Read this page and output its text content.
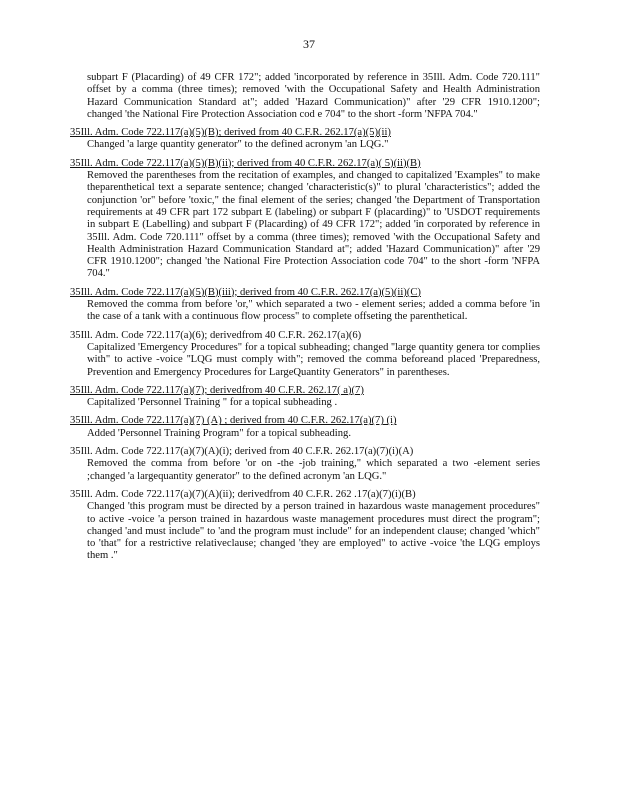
37

subpart F (Placarding) of 49 CFR 172"; added 'incorporated by reference in 35Ill. Adm. Code 720.111" offset by a comma (three times); removed 'with the Occupational Safety and Health Administration Hazard Communication Standard at"; added 'Hazard Communication)" after '29 CFR 1910.1200"; changed 'the National Fire Protection Association cod e 704" to the short -form 'NFPA 704."

35Ill. Adm. Code 722.117(a)(5)(B); derived from 40 C.F.R. 262.17(a)(5)(ii)

Changed 'a large quantity generator" to the defined acronym 'an LQG."

35Ill. Adm. Code 722.117(a)(5)(B)(ii); derived from 40 C.F.R. 262.17(a)( 5)(ii)(B)

Removed the parentheses from the recitation of examples, and changed to capitalized 'Examples" to make theparenthetical text a separate sentence; changed 'characteristic(s)" to plural 'characteristics"; added the conjunction 'or" before 'toxic," the final element of the series; changed 'the Department of Transportation requirements at 49 CFR part 172 subpart E (labeling) or subpart F (placarding)" to 'USDOT requirements in subpart E (Labelling) and subpart F (Placarding) of 49 CFR 172"; added 'in corporated by reference in 35Ill. Adm. Code 720.111" offset by a comma (three times); removed 'with the Occupational Safety and Health Administration Hazard Communication Standard at"; added 'Hazard Communication)" after '29 CFR 1910.1200"; changed 'the National Fire Protection Association code 704" to the short -form 'NFPA 704."

35Ill. Adm. Code 722.117(a)(5)(B)(iii); derived from 40 C.F.R. 262.17(a)(5)(ii)(C)

Removed the comma from before 'or," which separated a two - element series; added a comma before 'in the case of a tank with a continuous flow process" to complete offseting the parenthetical.

35Ill. Adm. Code 722.117(a)(6); derivedfrom 40 C.F.R. 262.17(a)(6)

Capitalized 'Emergency Procedures" for a topical subheading; changed ''large quantity genera tor complies with" to active -voice ''LQG must comply with"; removed the comma beforeand placed 'Preparedness, Prevention and Emergency Procedures for LargeQuantity Generators" in parentheses.

35Ill. Adm. Code 722.117(a)(7); derivedfrom 40 C.F.R. 262.17( a)(7)

Capitalized 'Personnel Training " for a topical subheading .

35Ill. Adm. Code 722.117(a)(7) (A) ; derived from 40 C.F.R. 262.17(a)(7) (i)

Added 'Personnel Training Program" for a topical subheading.

35Ill. Adm. Code 722.117(a)(7)(A)(i); derived from 40 C.F.R. 262.17(a)(7)(i)(A)

Removed the comma from before 'or on -the -job training," which separated a two -element series ;changed 'a largequantity generator" to the defined acronym 'an LQG."

35Ill. Adm. Code 722.117(a)(7)(A)(ii); derivedfrom 40 C.F.R. 262 .17(a)(7)(i)(B)

Changed 'this program must be directed by a person trained in hazardous waste management procedures" to active -voice 'a person trained in hazardous waste management procedures must direct the program"; changed 'and must include" to 'and the program must include" for an independent clause; changed 'which" to 'that" for a restrictive relativeclause; changed 'they are employed" to active -voice 'the LQG employs them ."
